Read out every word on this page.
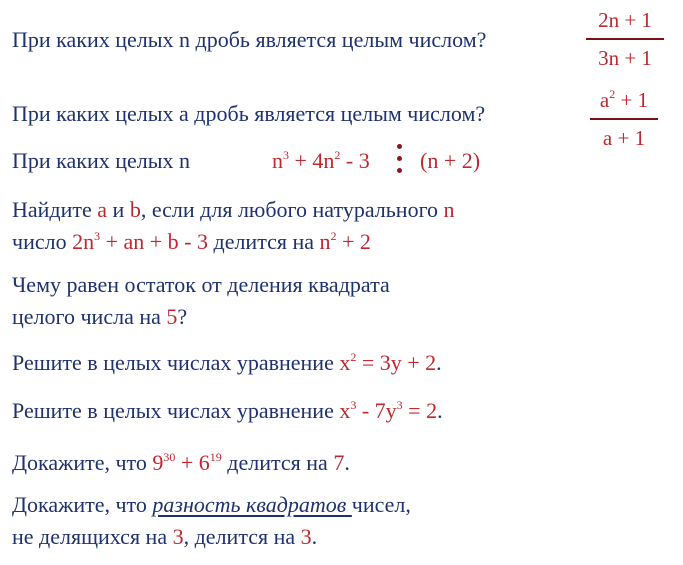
При каких целых n дробь является целым числом?
2n + 1
3n + 1
При каких целых а дробь является целым числом?
$a^2 + 1$
a + 1
При каких целых n	$n^3 + 4n^2 - 3$ (n + 2)
Найдите a и b, если для любого натурального n
число $2n^3$ + an + b - 3 делится на $n^2 + 2$
Чему равен остаток от деления квадрата
целого числа на 5?
Решите в целых числах уравнение $x^2 = 3y + 2$.
Решите в целых числах уравнение $x^3 - 7y^3 = 2$.
Докажите, что $9^{30} + 6^{19}$ делится на 7.
Докажите, что разность квадратов чисел,
не делящихся на 3, делится на 3.
